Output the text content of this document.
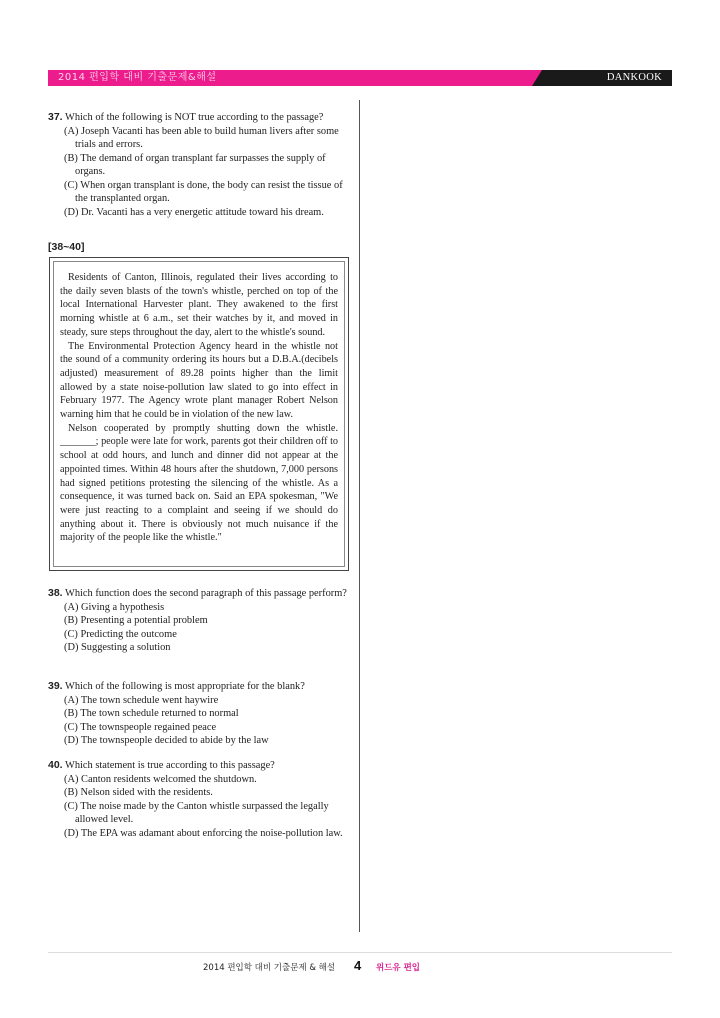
2014 편입학 대비 기출문제&해설	DANKOOK UNIVERSITY
37. Which of the following is NOT true according to the passage?
(A) Joseph Vacanti has been able to build human livers after some trials and errors.
(B) The demand of organ transplant far surpasses the supply of organs.
(C) When organ transplant is done, the body can resist the tissue of the transplanted organ.
(D) Dr. Vacanti has a very energetic attitude toward his dream.
[38~40]

Residents of Canton, Illinois, regulated their lives according to the daily seven blasts of the town's whistle, perched on top of the local International Harvester plant. They awakened to the first morning whistle at 6 a.m., set their watches by it, and moved in steady, sure steps throughout the day, alert to the whistle's sound.

The Environmental Protection Agency heard in the whistle not the sound of a community ordering its hours but a D.B.A.(decibels adjusted) measurement of 89.28 points higher than the limit allowed by a state noise-pollution law slated to go into effect in February 1977. The Agency wrote plant manager Robert Nelson warning him that he could be in violation of the new law.

Nelson cooperated by promptly shutting down the whistle. _______; people were late for work, parents got their children off to school at odd hours, and lunch and dinner did not appear at the appointed times. Within 48 hours after the shutdown, 7,000 persons had signed petitions protesting the silencing of the whistle. As a consequence, it was turned back on. Said an EPA spokesman, "We were just reacting to a complaint and seeing if we should do anything about it. There is obviously not much nuisance if the majority of the people like the whistle."

38. Which function does the second paragraph of this passage perform?
(A) Giving a hypothesis
(B) Presenting a potential problem
(C) Predicting the outcome
(D) Suggesting a solution
39. Which of the following is most appropriate for the blank?
(A) The town schedule went haywire
(B) The town schedule returned to normal
(C) The townspeople regained peace
(D) The townspeople decided to abide by the law
40. Which statement is true according to this passage?
(A) Canton residents welcomed the shutdown.
(B) Nelson sided with the residents.
(C) The noise made by the Canton whistle surpassed the legally allowed level.
(D) The EPA was adamant about enforcing the noise-pollution law.
2014 편입학 대비 기출문제 & 해설 4 위드유 편입
